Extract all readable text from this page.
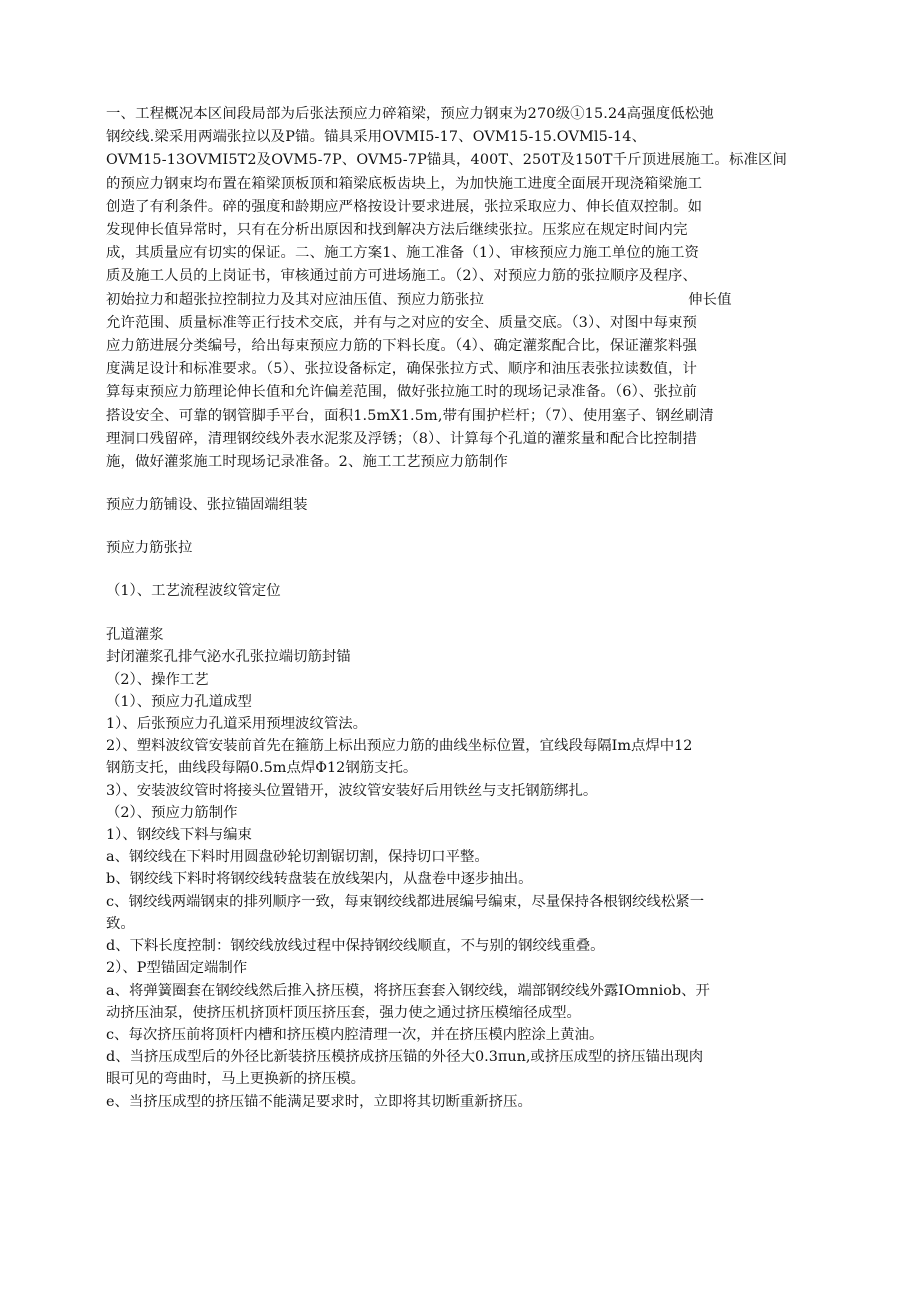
一、工程概况本区间段局部为后张法预应力碎箱梁，预应力钢束为270级①15.24高强度低松弛
钢绞线.梁采用两端张拉以及P锚。锚具采用OVMI5-17、OVM15-15.OVMl5-14、
OVM15-13OVMI5T2及OVM5-7P、OVM5-7P锚具，400T、250T及150T千斤顶进展施工。标准区间
的预应力钢束均布置在箱梁顶板顶和箱梁底板齿块上，为加快施工进度全面展开现浇箱梁施工
创造了有利条件。碎的强度和龄期应严格按设计要求进展，张拉采取应力、伸长值双控制。如
发现伸长值异常时，只有在分析出原因和找到解决方法后继续张拉。压浆应在规定时间内完
成，其质量应有切实的保证。二、施工方案1、施工准备（1）、审核预应力施工单位的施工资
质及施工人员的上岗证书，审核通过前方可进场施工。（2）、对预应力筋的张拉顺序及程序、
初始拉力和超张拉控制拉力及其对应油压值、预应力筋张拉	伸长值
允许范围、质量标准等正行技术交底，并有与之对应的安全、质量交底。（3）、对图中每束预
应力筋进展分类编号，给出每束预应力筋的下料长度。（4）、确定灌浆配合比，保证灌浆料强
度满足设计和标准要求。（5）、张拉设备标定，确保张拉方式、顺序和油压表张拉读数值，计
算每束预应力筋理论伸长值和允许偏差范围，做好张拉施工时的现场记录准备。（6）、张拉前
搭设安全、可靠的钢管脚手平台，面积1.5mX1.5m,带有围护栏杆；（7）、使用塞子、钢丝刷清
理洞口残留碎，清理钢绞线外表水泥浆及浮锈；（8）、计算每个孔道的灌浆量和配合比控制措
施，做好灌浆施工时现场记录准备。2、施工工艺预应力筋制作

预应力筋铺设、张拉锚固端组装

预应力筋张拉

（1）、工艺流程波纹管定位

孔道灌浆
封闭灌浆孔排气泌水孔张拉端切筋封锚
（2）、操作工艺
（1）、预应力孔道成型
1）、后张预应力孔道采用预埋波纹管法。
2）、塑料波纹管安装前首先在箍筋上标出预应力筋的曲线坐标位置，宜线段每隔Im点焊中12
钢筋支托，曲线段每隔0.5m点焊Φ12钢筋支托。
3）、安装波纹管时将接头位置错开，波纹管安装好后用铁丝与支托钢筋绑扎。
（2）、预应力筋制作
1）、钢绞线下料与编束
a、钢绞线在下料时用圆盘砂轮切割锯切割，保持切口平整。
b、钢绞线下料时将钢绞线转盘装在放线架内，从盘卷中逐步抽出。
c、钢绞线两端钢束的排列顺序一致，每束钢绞线都进展编号编束，尽量保持各根钢绞线松紧一
致。
d、下料长度控制：钢绞线放线过程中保持钢绞线顺直，不与别的钢绞线重叠。
2）、P型锚固定端制作
a、将弹簧圈套在钢绞线然后推入挤压模，将挤压套套入钢绞线，端部钢绞线外露IOmniob、开
动挤压油泵，使挤压机挤顶杆顶压挤压套，强力使之通过挤压模缩径成型。
c、每次挤压前将顶杆内槽和挤压模内腔清理一次，并在挤压模内腔涂上黄油。
d、当挤压成型后的外径比新装挤压模挤成挤压锚的外径大0.3πun,或挤压成型的挤压锚出现肉
眼可见的弯曲时，马上更换新的挤压模。
e、当挤压成型的挤压锚不能满足要求时，立即将其切断重新挤压。
